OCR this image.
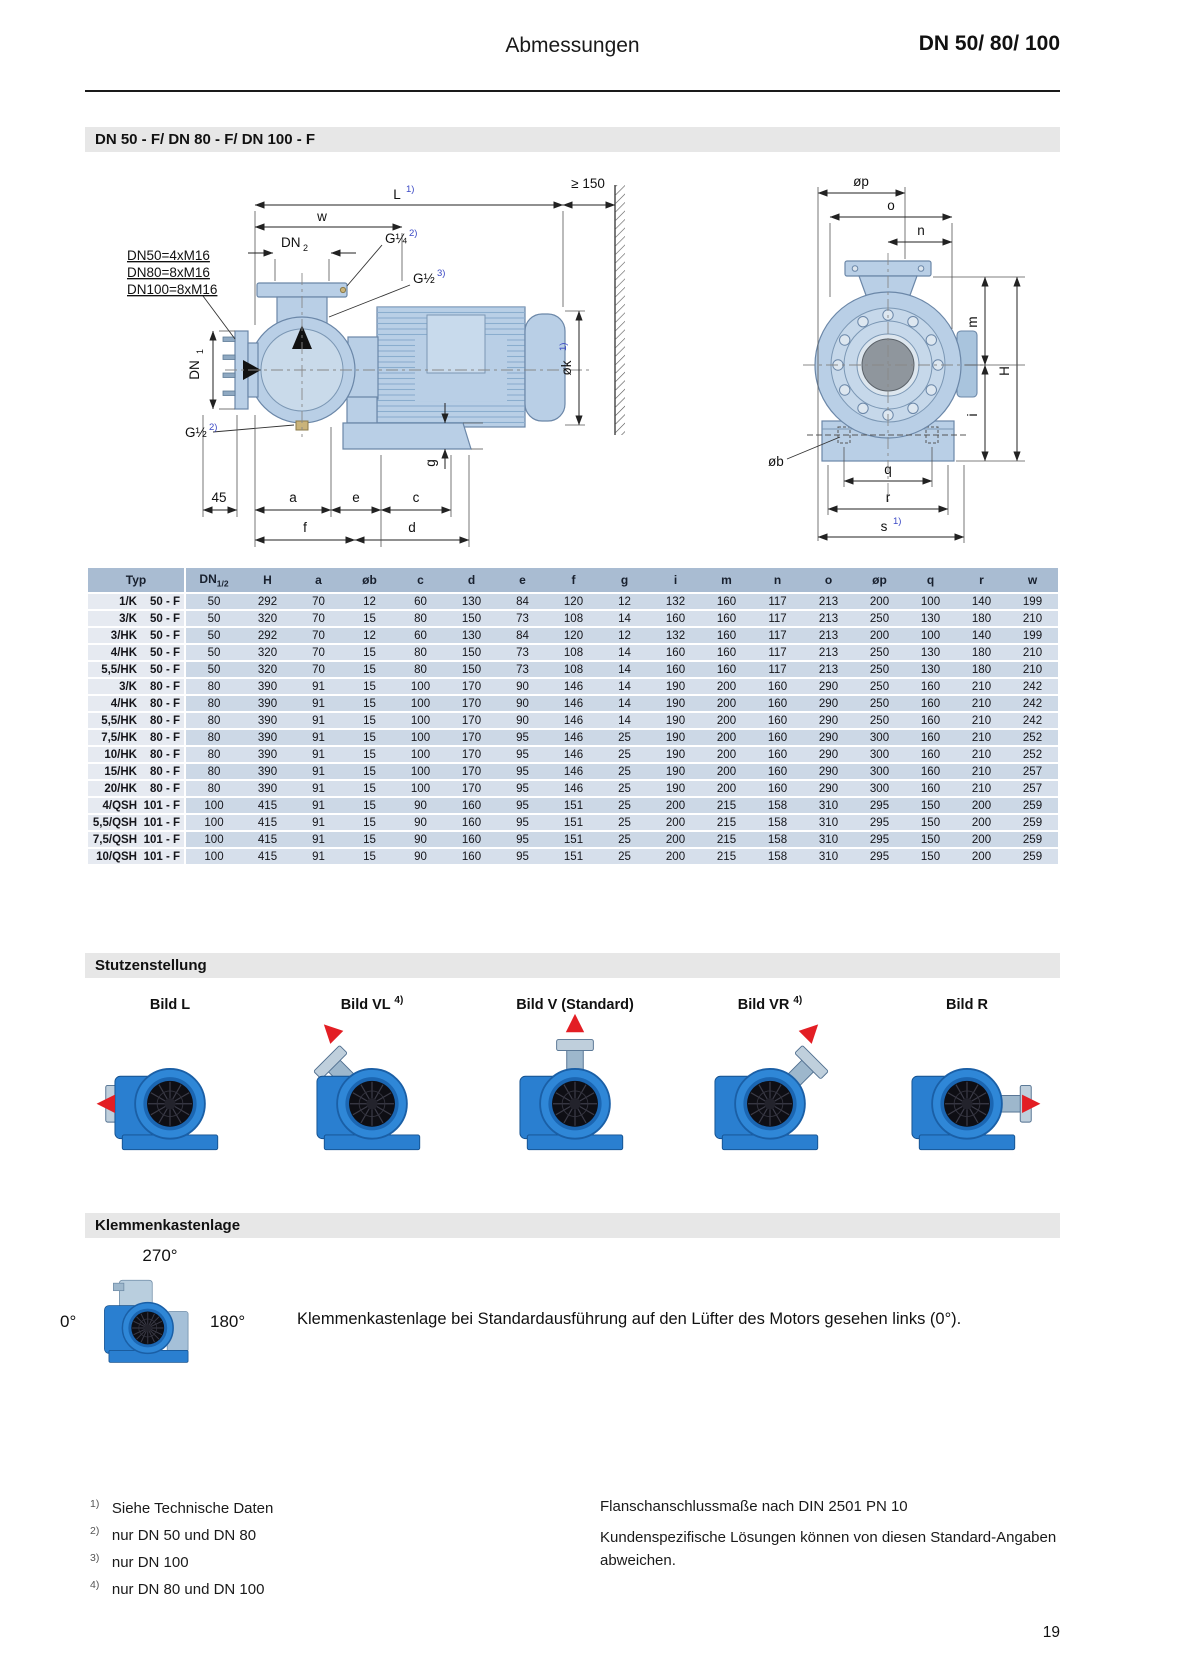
Abmessungen	DN 50/ 80/ 100
DN 50 - F/ DN 80 - F/ DN 100 - F
L 1)	≥ 150
w
DN 2
G¼ 2)
G½ 3)
DN50=4xM16
DN80=8xM16
DN100=8xM16
DN
1
G½ 2)
45	a	e	c
f	d
g
øk
1)
øp
o
n
m
H
i
øb
q
r
s 1)
Typ	$DN_{1/2}$	H	a	øb	c	d	e	f	g	i	m	n	o	øp	q	r	w
1/K 50 - F	50	292	70	12	60	130	84	120	12	132	160	117	213	200	100	140	199
3/K 50 - F	50	320	70	15	80	150	73	108	14	160	160	117	213	250	130	180	210
3/HK 50 - F	50	292	70	12	60	130	84	120	12	132	160	117	213	200	100	140	199
4/HK 50 - F	50	320	70	15	80	150	73	108	14	160	160	117	213	250	130	180	210
5,5/HK 50 - F	50	320	70	15	80	150	73	108	14	160	160	117	213	250	130	180	210
3/K 80 - F	80	390	91	15	100	170	90	146	14	190	200	160	290	250	160	210	242
4/HK 80 - F	80	390	91	15	100	170	90	146	14	190	200	160	290	250	160	210	242
5,5/HK 80 - F	80	390	91	15	100	170	90	146	14	190	200	160	290	250	160	210	242
7,5/HK 80 - F	80	390	91	15	100	170	95	146	25	190	200	160	290	300	160	210	252
10/HK 80 - F	80	390	91	15	100	170	95	146	25	190	200	160	290	300	160	210	252
15/HK 80 - F	80	390	91	15	100	170	95	146	25	190	200	160	290	300	160	210	257
20/HK 80 - F	80	390	91	15	100	170	95	146	25	190	200	160	290	300	160	210	257
4/QSH 101 - F	100	415	91	15	90	160	95	151	25	200	215	158	310	295	150	200	259
5,5/QSH 101 - F	100	415	91	15	90	160	95	151	25	200	215	158	310	295	150	200	259
7,5/QSH 101 - F	100	415	91	15	90	160	95	151	25	200	215	158	310	295	150	200	259
10/QSH 101 - F	100	415	91	15	90	160	95	151	25	200	215	158	310	295	150	200	259
Stutzenstellung
Bild L	Bild VL $^{4)}$	Bild V (Standard)	Bild VR $^{4)}$	Bild R
Klemmenkastenlage
270°
0°	180°	Klemmenkastenlage bei Standardausführung auf den Lüfter des Motors gesehen links (0°).
$^{1)}$ Siehe Technische Daten
$^{2)}$ nur DN 50 und DN 80
$^{3)}$ nur DN 100
$^{4)}$ nur DN 80 und DN 100
Flanschanschlussmaße nach DIN 2501 PN 10
Kundenspezifische Lösungen können von diesen Standard-Angaben abweichen.
19
